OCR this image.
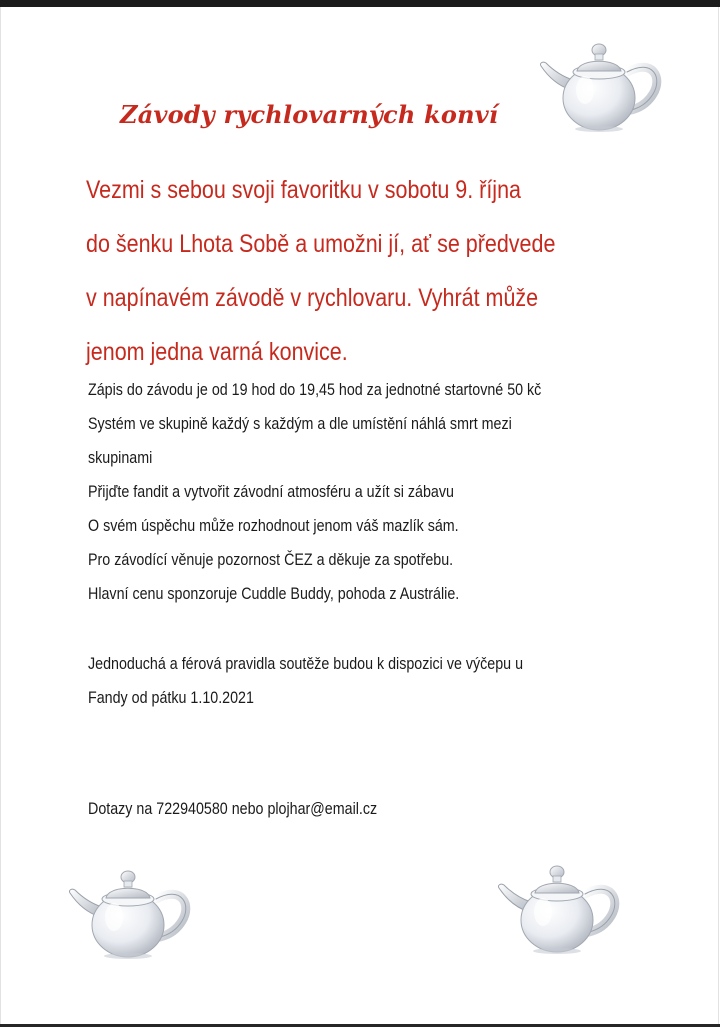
Závody rychlovarných konví
Vezmi s sebou svoji favoritku v sobotu 9. října
do šenku Lhota Sobě a umožni jí, ať se předvede
v napínavém závodě v rychlovaru. Vyhrát může
jenom jedna varná konvice.
Zápis do závodu je od 19 hod do 19,45 hod za jednotné startovné 50 kč
Systém ve skupině každý s každým a dle umístění náhlá smrt mezi
skupinami
Přijďte fandit a vytvořit závodní atmosféru a užít si zábavu
O svém úspěchu může rozhodnout jenom váš mazlík sám.
Pro závodící věnuje pozornost ČEZ a děkuje za spotřebu.
Hlavní cenu sponzoruje Cuddle Buddy, pohoda z Austrálie.
Jednoduchá a férová pravidla soutěže budou k dispozici ve výčepu u
Fandy od pátku 1.10.2021
Dotazy na 722940580 nebo plojhar@email.cz
